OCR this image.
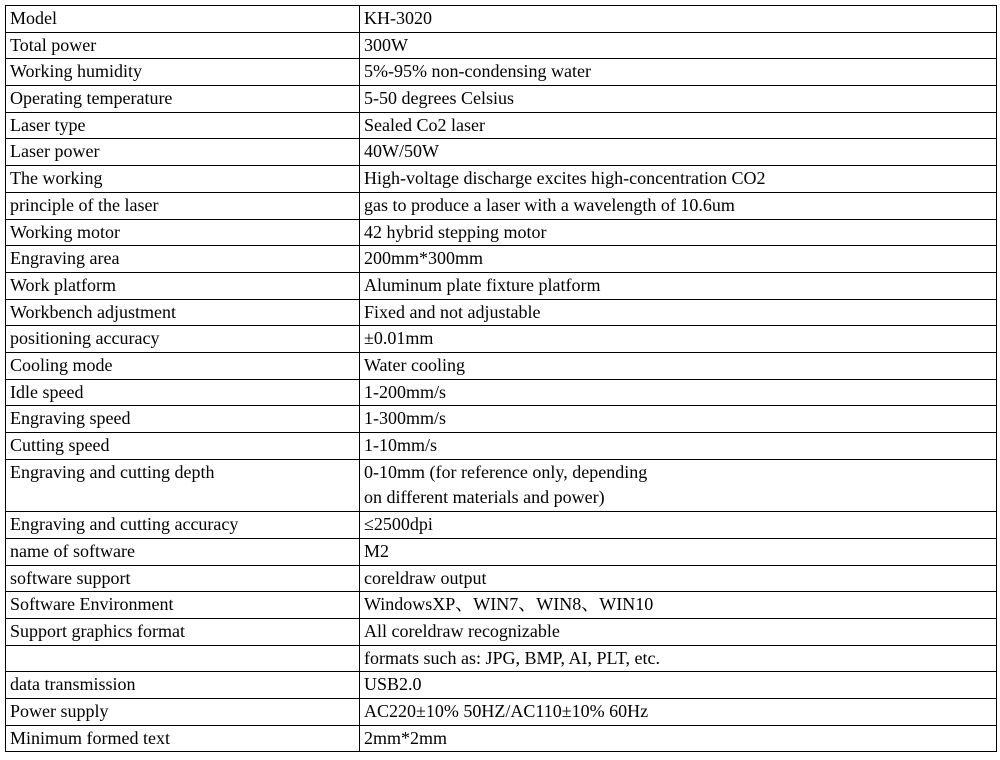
Model	KH-3020

Total power	300W

Working humidity	5%-95% non-condensing water

Operating temperature	5-50 degrees Celsius

Laser type	Sealed Co2 laser

Laser power	40W/50W

The working	High-voltage discharge excites high-concentration CO2

principle of the laser	gas to produce a laser with a wavelength of 10.6um

Working motor	42 hybrid stepping motor

Engraving area	200mm*300mm

Work platform	Aluminum plate fixture platform

Workbench adjustment	Fixed and not adjustable

positioning accuracy	±0.01mm

Cooling mode	Water cooling

Idle speed	1-200mm/s

Engraving speed	1-300mm/s

Cutting speed	1-10mm/s

Engraving and cutting depth	0-10mm (for reference only, depending
on different materials and power)

Engraving and cutting accuracy	≤2500dpi

name of software	M2

software support	coreldraw output

Software Environment	WindowsXP、WIN7、WIN8、WIN10

Support graphics format	All coreldraw recognizable

	formats such as: JPG, BMP, AI, PLT, etc.

data transmission	USB2.0

Power supply	AC220±10% 50HZ/AC110±10% 60Hz

Minimum formed text	2mm*2mm
